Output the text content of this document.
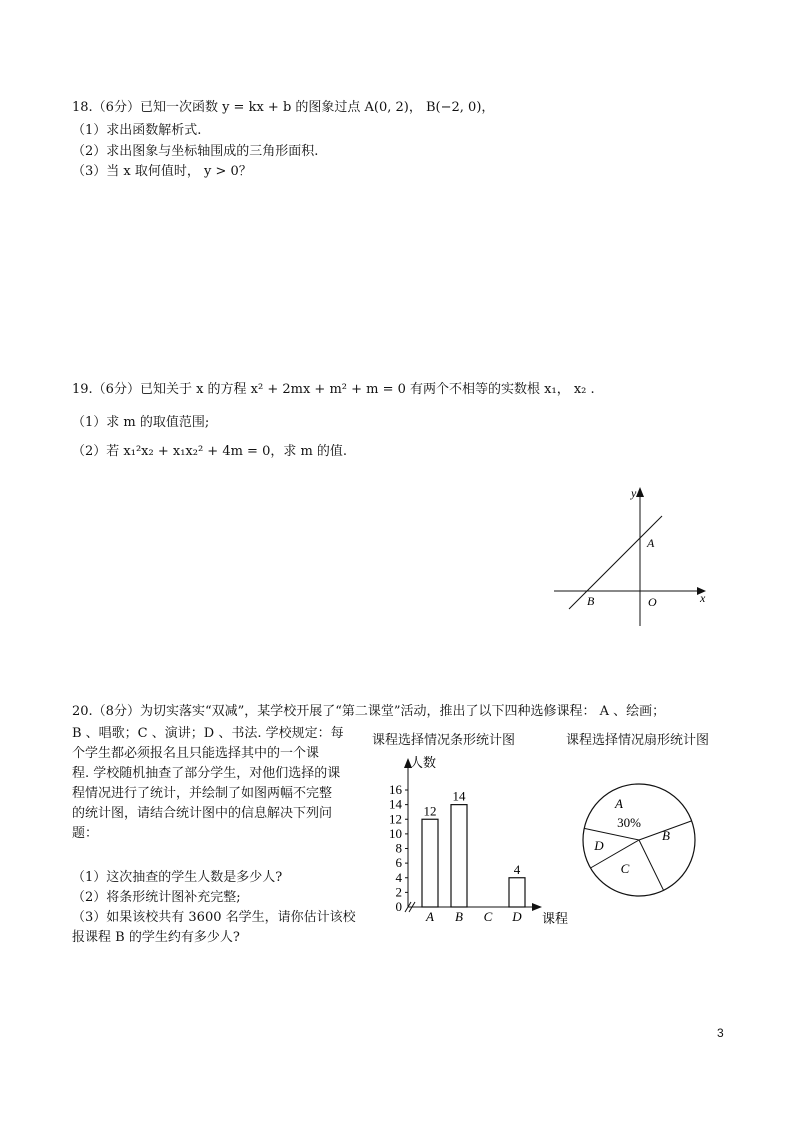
18.（6分）已知一次函数 y = kx + b 的图象过点 A(0, 2)， B(−2, 0)，
（1）求出函数解析式.
（2）求出图象与坐标轴围成的三角形面积.
（3）当 x 取何值时， y > 0？
19.（6分）已知关于 x 的方程 x² + 2mx + m² + m = 0 有两个不相等的实数根 x₁， x₂ .
（1）求 m 的取值范围;
（2）若 x₁²x₂ + x₁x₂² + 4m = 0，求 m 的值.
y
x
A
B	O
20.（8分）为切实落实“双减”，某学校开展了“第二课堂”活动，推出了以下四种选修课程： A 、绘画；
B 、唱歌；C 、演讲；D 、书法. 学校规定：每
个学生都必须报名且只能选择其中的一个课
程. 学校随机抽查了部分学生，对他们选择的课
程情况进行了统计，并绘制了如图两幅不完整
的统计图，请结合统计图中的信息解决下列问
题：
（1）这次抽查的学生人数是多少人?
（2）将条形统计图补充完整;
（3）如果该校共有 3600 名学生，请你估计该校
报课程 B 的学生约有多少人?
课程选择情况条形统计图
0
2
4
6
8
10
12
14
16
人数
课程
12
A
14
B C
4
D
课程选择情况扇形统计图
A
30%
B
C
D
3
